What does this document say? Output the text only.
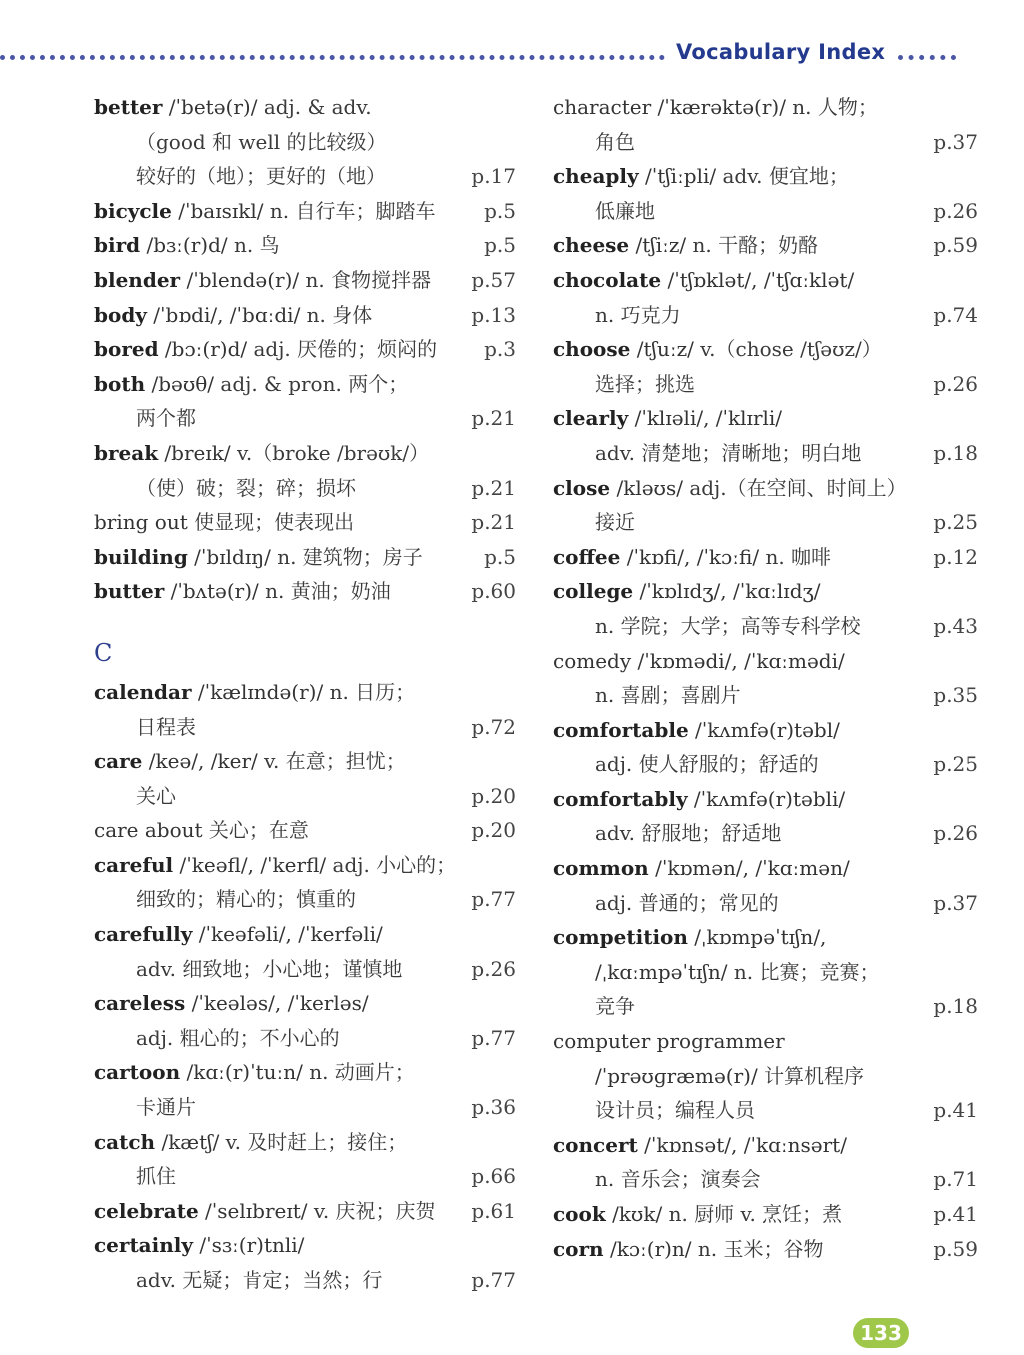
Vocabulary Index
better /ˈbetə(r)/ adj. & adv.
（good 和 well 的比较级）
较好的（地）；更好的（地）	p.17
bicycle /ˈbaɪsɪkl/ n. 自行车；脚踏车 p.5
bird /bɜː(r)d/ n. 鸟	p.5
blender /ˈblendə(r)/ n. 食物搅拌器 p.57
body /ˈbɒdi/, /ˈbɑːdi/ n. 身体	p.13
bored /bɔː(r)d/ adj. 厌倦的；烦闷的 p.3
both /bəʊθ/ adj. & pron. 两个；
两个都	p.21
break /breɪk/ v.（broke /brəʊk/）
（使）破；裂；碎；损坏	p.21
bring out 使显现；使表现出	p.21
building /ˈbɪldɪŋ/ n. 建筑物；房子	p.5
butter /ˈbʌtə(r)/ n. 黄油；奶油	p.60
C
calendar /ˈkælɪndə(r)/ n. 日历；
日程表	p.72
care /keə/, /ker/ v. 在意；担忧；
关心	p.20
care about 关心；在意	p.20
careful /ˈkeəfl/, /ˈkerfl/ adj. 小心的；
细致的；精心的；慎重的	p.77
carefully /ˈkeəfəli/, /ˈkerfəli/
adv. 细致地；小心地；谨慎地	p.26
careless /ˈkeələs/, /ˈkerləs/
adj. 粗心的；不小心的	p.77
cartoon /kɑː(r)ˈtuːn/ n. 动画片；
卡通片	p.36
catch /kætʃ/ v. 及时赶上；接住；
抓住	p.66
celebrate /ˈselɪbreɪt/ v. 庆祝；庆贺 p.61
certainly /ˈsɜː(r)tnli/
adv. 无疑；肯定；当然；行	p.77
character /ˈkærəktə(r)/ n. 人物；
角色	p.37
cheaply /ˈtʃiːpli/ adv. 便宜地；
低廉地	p.26
cheese /tʃiːz/ n. 干酪；奶酪	p.59
chocolate /ˈtʃɒklət/, /ˈtʃɑːklət/
n. 巧克力	p.74
choose /tʃuːz/ v.（chose /tʃəʊz/）
选择；挑选	p.26
clearly /ˈklɪəli/, /ˈklɪrli/
adv. 清楚地；清晰地；明白地	p.18
close /kləʊs/ adj.（在空间、时间上）
接近	p.25
coffee /ˈkɒfi/, /ˈkɔːfi/ n. 咖啡	p.12
college /ˈkɒlɪdʒ/, /ˈkɑːlɪdʒ/
n. 学院；大学；高等专科学校	p.43
comedy /ˈkɒmədi/, /ˈkɑːmədi/
n. 喜剧；喜剧片	p.35
comfortable /ˈkʌmfə(r)təbl/
adj. 使人舒服的；舒适的	p.25
comfortably /ˈkʌmfə(r)təbli/
adv. 舒服地；舒适地	p.26
common /ˈkɒmən/, /ˈkɑːmən/
adj. 普通的；常见的	p.37
competition /ˌkɒmpəˈtɪʃn/,
/ˌkɑːmpəˈtɪʃn/ n. 比赛；竞赛；
竞争	p.18
computer programmer
/ˈprəʊɡræmə(r)/ 计算机程序
设计员；编程人员	p.41
concert /ˈkɒnsət/, /ˈkɑːnsərt/
n. 音乐会；演奏会	p.71
cook /kʊk/ n. 厨师 v. 烹饪；煮	p.41
corn /kɔː(r)n/ n. 玉米；谷物	p.59
133
